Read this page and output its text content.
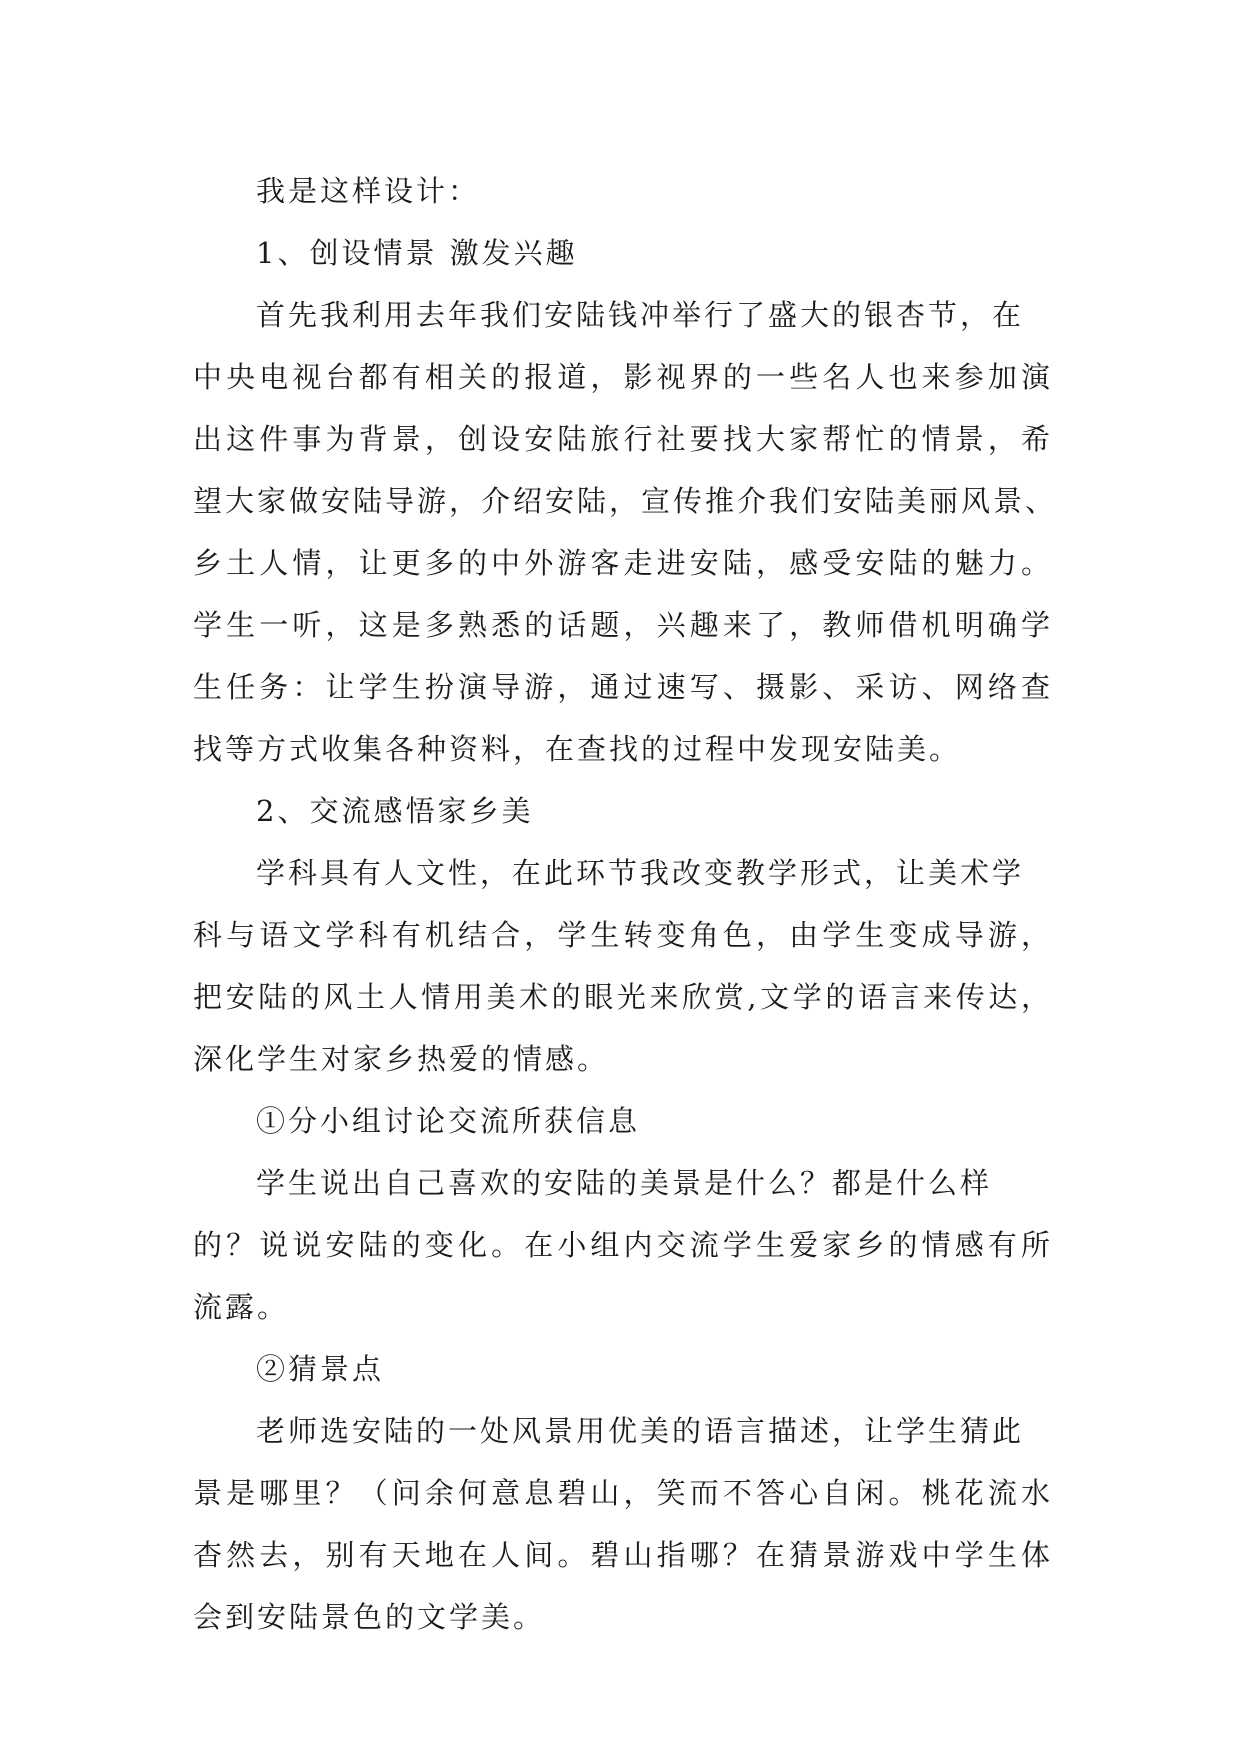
我是这样设计：
1、创设情景 激发兴趣
首先我利用去年我们安陆钱冲举行了盛大的银杏节，在
中央电视台都有相关的报道，影视界的一些名人也来参加演
出这件事为背景，创设安陆旅行社要找大家帮忙的情景，希
望大家做安陆导游，介绍安陆，宣传推介我们安陆美丽风景、
乡土人情，让更多的中外游客走进安陆，感受安陆的魅力。
学生一听，这是多熟悉的话题，兴趣来了，教师借机明确学
生任务：让学生扮演导游，通过速写、摄影、采访、网络查
找等方式收集各种资料，在查找的过程中发现安陆美。
2、交流感悟家乡美
学科具有人文性，在此环节我改变教学形式，让美术学
科与语文学科有机结合，学生转变角色，由学生变成导游，
把安陆的风土人情用美术的眼光来欣赏,文学的语言来传达，
深化学生对家乡热爱的情感。
①分小组讨论交流所获信息
学生说出自己喜欢的安陆的美景是什么？都是什么样
的？说说安陆的变化。在小组内交流学生爱家乡的情感有所
流露。
②猜景点
老师选安陆的一处风景用优美的语言描述，让学生猜此
景是哪里？（问余何意息碧山，笑而不答心自闲。桃花流水
杳然去，别有天地在人间。碧山指哪？在猜景游戏中学生体
会到安陆景色的文学美。
